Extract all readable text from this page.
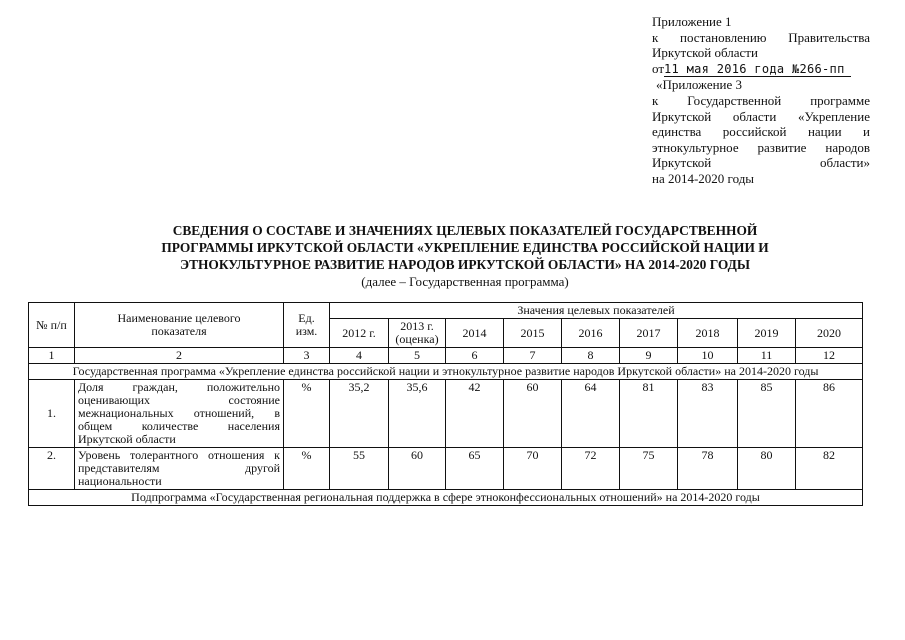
Приложение 1
к постановлению Правительства
Иркутской области
от11 мая 2016 года №266-пп
«Приложение 3
к Государственной программе
Иркутской области «Укрепление
единства российской нации и
этнокультурное развитие народов
Иркутской области»
на 2014-2020 годы
СВЕДЕНИЯ О СОСТАВЕ И ЗНАЧЕНИЯХ ЦЕЛЕВЫХ ПОКАЗАТЕЛЕЙ ГОСУДАРСТВЕННОЙ
ПРОГРАММЫ ИРКУТСКОЙ ОБЛАСТИ «УКРЕПЛЕНИЕ ЕДИНСТВА РОССИЙСКОЙ НАЦИИ И
ЭТНОКУЛЬТУРНОЕ РАЗВИТИЕ НАРОДОВ ИРКУТСКОЙ ОБЛАСТИ» НА 2014-2020 ГОДЫ
(далее – Государственная программа)
№ п/п	Наименование целевого показателя	Ед. изм.	Значения целевых показателей								
			2012 г.	2013 г. (оценка)	2014	2015	2016	2017	2018	2019	2020
1	2	3	4	5	6	7	8	9	10	11	12
Государственная программа «Укрепление единства российской нации и этнокультурное развитие народов Иркутской области» на 2014-2020 годы											
1.	Доля граждан, положительно оценивающих состояние межнациональных отношений, в общем количестве населения Иркутской области	%	35,2	35,6	42	60	64	81	83	85	86
2.	Уровень толерантного отношения к представителям другой национальности	%	55	60	65	70	72	75	78	80	82
Подпрограмма «Государственная региональная поддержка в сфере этноконфессиональных отношений» на 2014-2020 годы											
